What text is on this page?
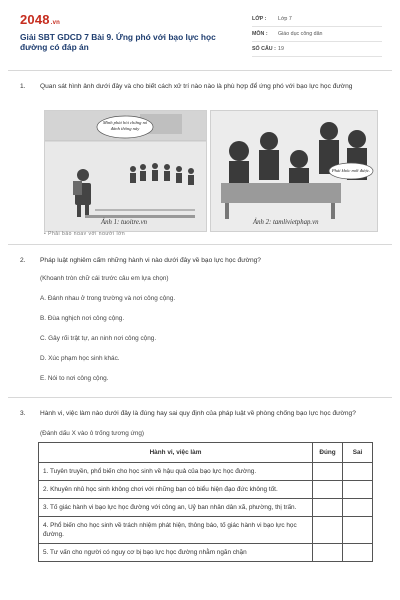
2048.vn
Giải SBT GDCD 7 Bài 9. Ứng phó với bạo lực học đường có đáp án
LỚP : Lớp 7
MÔN : Giáo dục công dân
SỐ CÂU : 19
1. Quan sát hình ảnh dưới đây và cho biết cách xử trí nào nào là phù hợp để ứng phó với bạo lực học đường
Mình phải hỏi chứng nó đánh thông này
Ảnh 1: tuoitre.vn
Phải khóc mới được.
Ảnh 2: tamlivietphap.vn
• Phải báo ngay với người lớn
2. Pháp luật nghiêm cấm những hành vi nào dưới đây về bạo lực học đường?
(Khoanh tròn chữ cái trước câu em lựa chọn)
A. Đánh nhau ở trong trường và nơi công cộng.
B. Đùa nghịch nơi công cộng.
C. Gây rối trật tự, an ninh nơi công cộng.
D. Xúc phạm học sinh khác.
E. Nói to nơi công cộng.
3. Hành vi, việc làm nào dưới đây là đúng hay sai quy định của pháp luật về phòng chống bạo lực học đường?
(Đánh dấu X vào ô trống tương ứng)
Hành vi, việc làm	Đúng	Sai
1. Tuyên truyền, phổ biến cho học sinh về hậu quả của bạo lực học đường.		
2. Khuyên nhủ học sinh không chơi với những bạn có biểu hiện đạo đức không tốt.		
3. Tố giác hành vi bạo lực học đường với công an, Uỷ ban nhân dân xã, phường, thị trấn.		
4. Phổ biến cho học sinh về trách nhiệm phát hiện, thông báo, tố giác hành vi bạo lực học đường.		
5. Tư vấn cho người có nguy cơ bị bạo lực học đường nhằm ngăn chặn		
